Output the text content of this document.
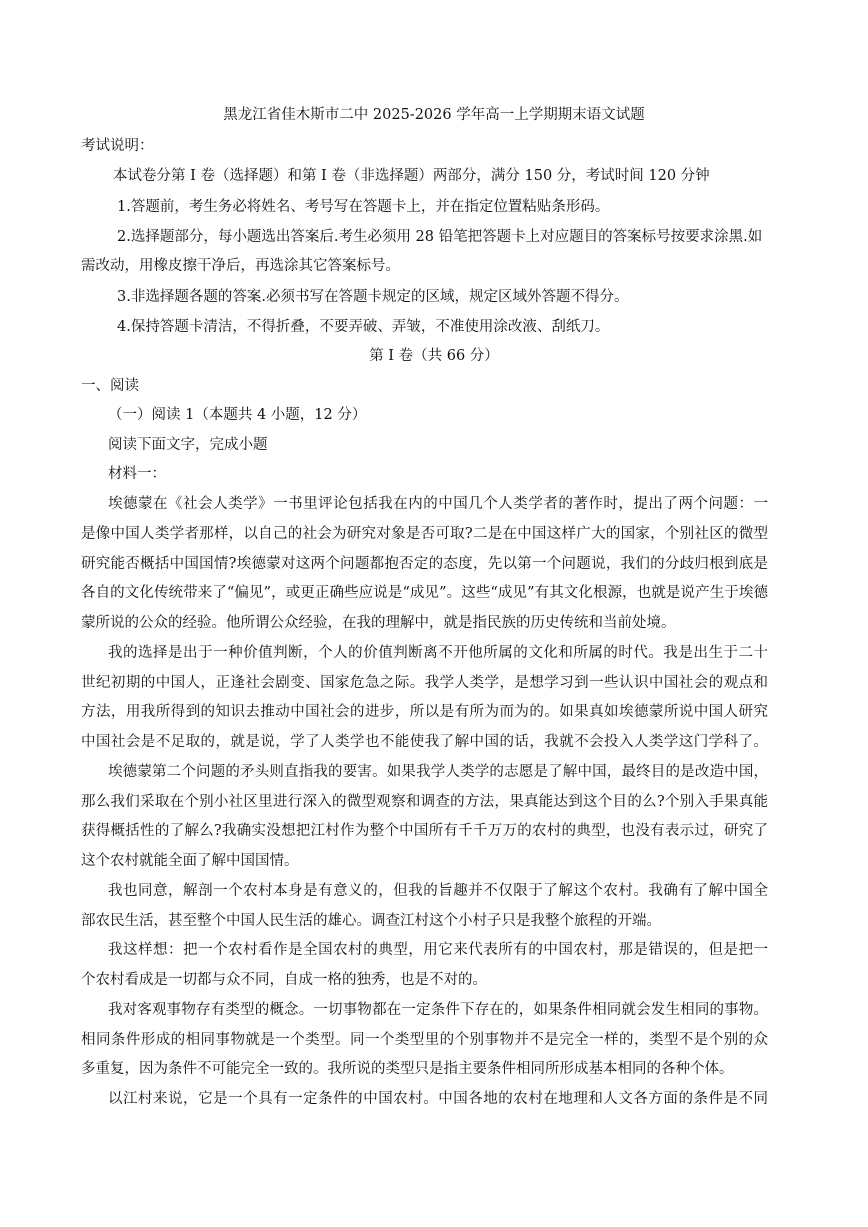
黑龙江省佳木斯市二中 2025-2026 学年高一上学期期末语文试题

考试说明：

本试卷分第 I 卷（选择题）和第 I 卷（非选择题）两部分，满分 150 分，考试时间 120 分钟

1.答题前，考生务必将姓名、考号写在答题卡上，并在指定位置粘贴条形码。

2.选择题部分，每小题选出答案后.考生必须用 28 铅笔把答题卡上对应题目的答案标号按要求涂黑.如

需改动，用橡皮擦干净后，再选涂其它答案标号。

3.非选择题各题的答案.必须书写在答题卡规定的区域，规定区域外答题不得分。

4.保持答题卡清洁，不得折叠，不要弄破、弄皱，不准使用涂改液、刮纸刀。

第 I 卷（共 66 分）

一、阅读

（一）阅读 1（本题共 4 小题，12 分）

阅读下面文字，完成小题

材料一：

埃德蒙在《社会人类学》一书里评论包括我在内的中国几个人类学者的著作时，提出了两个问题：一

是像中国人类学者那样，以自己的社会为研究对象是否可取?二是在中国这样广大的国家，个别社区的微型

研究能否概括中国国情?埃德蒙对这两个问题都抱否定的态度，先以第一个问题说，我们的分歧归根到底是

各自的文化传统带来了“偏见”，或更正确些应说是“成见”。这些“成见”有其文化根源，也就是说产生于埃德

蒙所说的公众的经验。他所谓公众经验，在我的理解中，就是指民族的历史传统和当前处境。

我的选择是出于一种价值判断，个人的价值判断离不开他所属的文化和所属的时代。我是出生于二十

世纪初期的中国人，正逢社会剧变、国家危急之际。我学人类学，是想学习到一些认识中国社会的观点和

方法，用我所得到的知识去推动中国社会的进步，所以是有所为而为的。如果真如埃德蒙所说中国人研究

中国社会是不足取的，就是说，学了人类学也不能使我了解中国的话，我就不会投入人类学这门学科了。

埃德蒙第二个问题的矛头则直指我的要害。如果我学人类学的志愿是了解中国，最终目的是改造中国，

那么我们采取在个别小社区里进行深入的微型观察和调查的方法，果真能达到这个目的么?个别入手果真能

获得概括性的了解么?我确实没想把江村作为整个中国所有千千万万的农村的典型，也没有表示过，研究了

这个农村就能全面了解中国国情。

我也同意，解剖一个农村本身是有意义的，但我的旨趣并不仅限于了解这个农村。我确有了解中国全

部农民生活，甚至整个中国人民生活的雄心。调查江村这个小村子只是我整个旅程的开端。

我这样想：把一个农村看作是全国农村的典型，用它来代表所有的中国农村，那是错误的，但是把一

个农村看成是一切都与众不同，自成一格的独秀，也是不对的。

我对客观事物存有类型的概念。一切事物都在一定条件下存在的，如果条件相同就会发生相同的事物。

相同条件形成的相同事物就是一个类型。同一个类型里的个别事物并不是完全一样的，类型不是个别的众

多重复，因为条件不可能完全一致的。我所说的类型只是指主要条件相同所形成基本相同的各种个体。

以江村来说，它是一个具有一定条件的中国农村。中国各地的农村在地理和人文各方面的条件是不同
